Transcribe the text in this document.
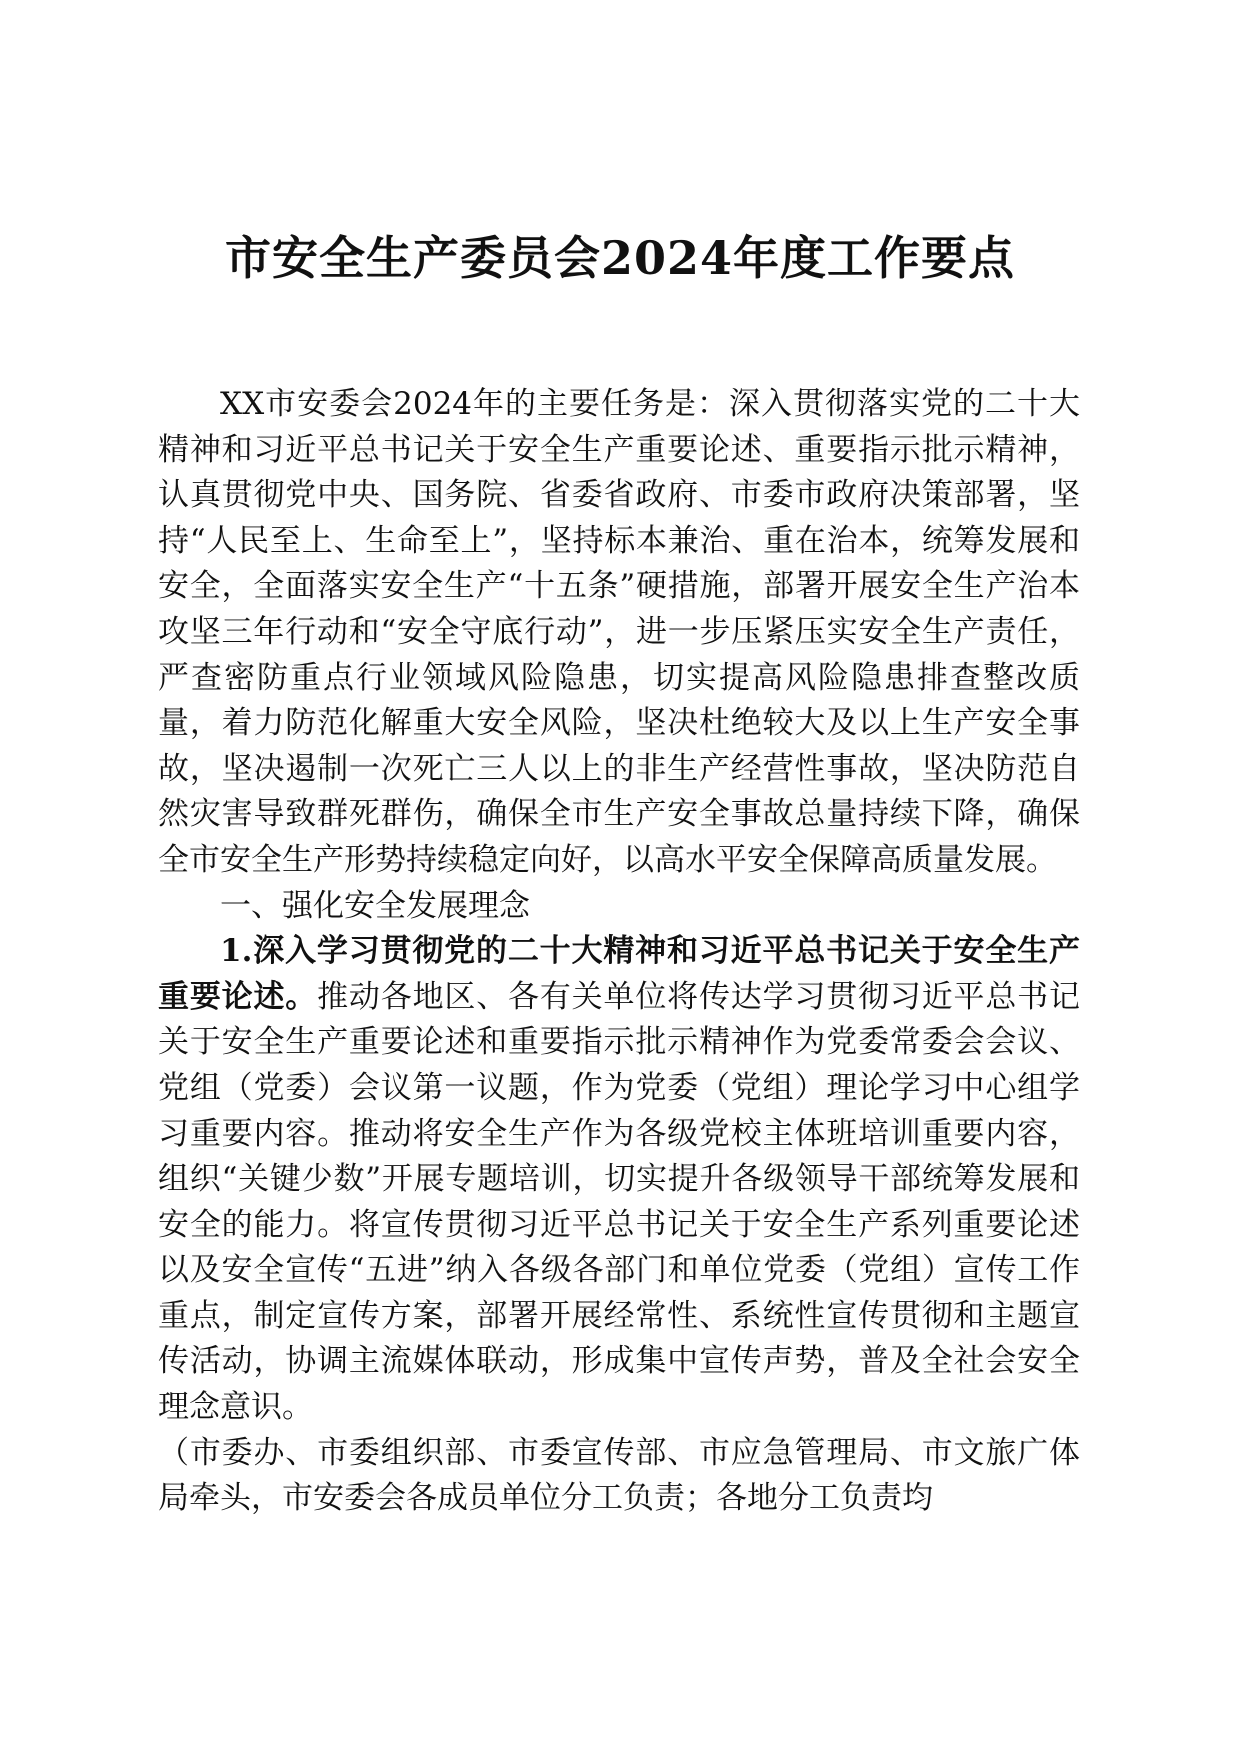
市安全生产委员会2024年度工作要点

XX市安委会2024年的主要任务是：深入贯彻落实党的二十大精神和习近平总书记关于安全生产重要论述、重要指示批示精神，认真贯彻党中央、国务院、省委省政府、市委市政府决策部署，坚持“人民至上、生命至上”，坚持标本兼治、重在治本，统筹发展和安全，全面落实安全生产“十五条”硬措施，部署开展安全生产治本攻坚三年行动和“安全守底行动”，进一步压紧压实安全生产责任，严查密防重点行业领域风险隐患，切实提高风险隐患排查整改质量，着力防范化解重大安全风险，坚决杜绝较大及以上生产安全事故，坚决遏制一次死亡三人以上的非生产经营性事故，坚决防范自然灾害导致群死群伤，确保全市生产安全事故总量持续下降，确保全市安全生产形势持续稳定向好，以高水平安全保障高质量发展。

一、强化安全发展理念

1.深入学习贯彻党的二十大精神和习近平总书记关于安全生产重要论述。推动各地区、各有关单位将传达学习贯彻习近平总书记关于安全生产重要论述和重要指示批示精神作为党委常委会会议、党组（党委）会议第一议题，作为党委（党组）理论学习中心组学习重要内容。推动将安全生产作为各级党校主体班培训重要内容，组织“关键少数”开展专题培训，切实提升各级领导干部统筹发展和安全的能力。将宣传贯彻习近平总书记关于安全生产系列重要论述以及安全宣传“五进”纳入各级各部门和单位党委（党组）宣传工作重点，制定宣传方案，部署开展经常性、系统性宣传贯彻和主题宣传活动，协调主流媒体联动，形成集中宣传声势，普及全社会安全理念意识。

（市委办、市委组织部、市委宣传部、市应急管理局、市文旅广体局牵头，市安委会各成员单位分工负责；各地分工负责均
